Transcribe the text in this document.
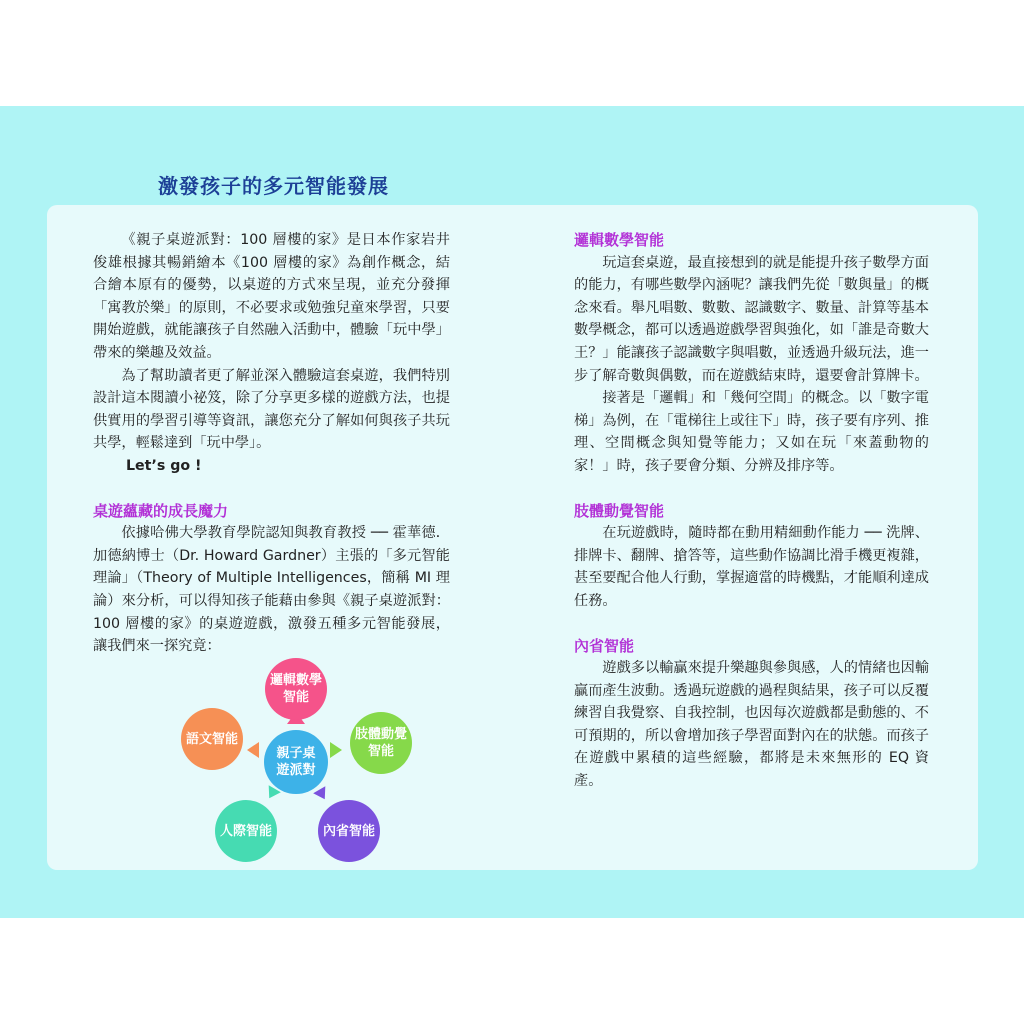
激發孩子的多元智能發展

《親子桌遊派對：100 層樓的家》是日本作家岩井俊雄根據其暢銷繪本《100 層樓的家》為創作概念，結合繪本原有的優勢，以桌遊的方式來呈現，並充分發揮「寓教於樂」的原則，不必要求或勉強兒童來學習，只要開始遊戲，就能讓孩子自然融入活動中，體驗「玩中學」帶來的樂趣及效益。

為了幫助讀者更了解並深入體驗這套桌遊，我們特別設計這本閱讀小祕笈，除了分享更多樣的遊戲方法，也提供實用的學習引導等資訊，讓您充分了解如何與孩子共玩共學，輕鬆達到「玩中學」。

Let’s go !

桌遊蘊藏的成長魔力

依據哈佛大學教育學院認知與教育教授 ── 霍華德．加德納博士（Dr. Howard Gardner）主張的「多元智能理論」（Theory of Multiple Intelligences，簡稱 MI 理論）來分析，可以得知孩子能藉由參與《親子桌遊派對：100 層樓的家》的桌遊遊戲，激發五種多元智能發展，讓我們來一探究竟：

親子桌遊派對
邏輯數學智能
肢體動覺智能
語文智能
人際智能	內省智能

邏輯數學智能

玩這套桌遊，最直接想到的就是能提升孩子數學方面的能力，有哪些數學內涵呢？讓我們先從「數與量」的概念來看。舉凡唱數、數數、認識數字、數量、計算等基本數學概念，都可以透過遊戲學習與強化，如「誰是奇數大王？」能讓孩子認識數字與唱數，並透過升級玩法，進一步了解奇數與偶數，而在遊戲結束時，還要會計算牌卡。

接著是「邏輯」和「幾何空間」的概念。以「數字電梯」為例，在「電梯往上或往下」時，孩子要有序列、推理、空間概念與知覺等能力；又如在玩「來蓋動物的家！」時，孩子要會分類、分辨及排序等。

肢體動覺智能

在玩遊戲時，隨時都在動用精細動作能力 ── 洗牌、排牌卡、翻牌、搶答等，這些動作協調比滑手機更複雜，甚至要配合他人行動，掌握適當的時機點，才能順利達成任務。

內省智能

遊戲多以輸贏來提升樂趣與參與感，人的情緒也因輸贏而產生波動。透過玩遊戲的過程與結果，孩子可以反覆練習自我覺察、自我控制，也因每次遊戲都是動態的、不可預期的，所以會增加孩子學習面對內在的狀態。而孩子在遊戲中累積的這些經驗，都將是未來無形的 EQ 資產。
